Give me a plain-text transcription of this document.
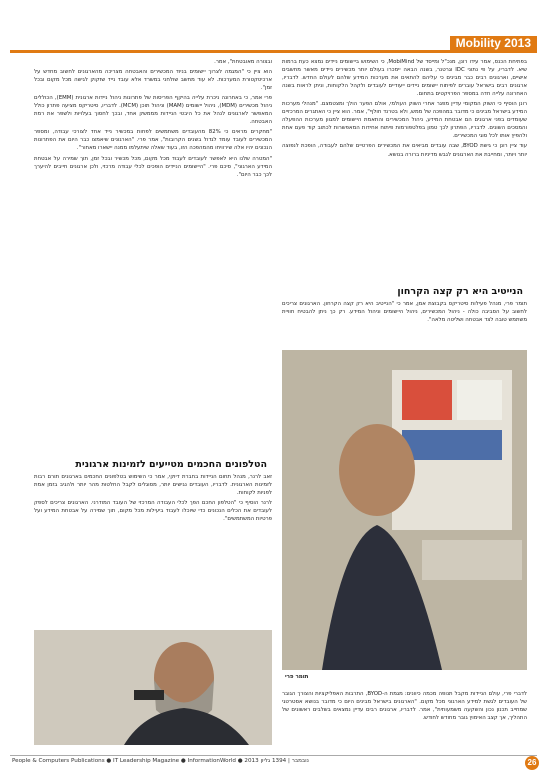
Mobility 2013

בפתיחת הכנס, אמר עידו רונן, מנכ"ל ומייסד של MobiMind, כי השימוש ביישומים ניידים נמצא כעת ברמות שיא. לדבריו, על פי נתוני IDC וגרטנר, בשנה הבאה יימכרו בעולם יותר מכשירים ניידים מאשר מחשבים אישיים, וארגונים רבים כבר מבינים כי עליהם להתאים את מערכות המידע שלהם לעולם החדש. לדבריו, ארגונים רבים בישראל עוברים לפיתוח יישומים ניידים ייעודיים לעובדים ולקהל הלקוחות, וניתן לראות בשנה האחרונה עלייה חדה במספר הפרויקטים בתחום.

רונן הוסיף כי השוק המקומי עדיין מפגר אחרי השוק העולמי, אולם הפער הולך ומצטמצם. "מנהלי מערכות המידע בישראל מבינים כי מדובר במהפכה של ממש, ולא בטרנד חולף", אמר. הוא ציין כי האתגרים המרכזיים שעומדים בפני ארגונים הם אבטחת המידע, ניהול המכשירים והתאמת היישומים למגוון מערכות ההפעלה והמסכים השונים. לדבריו, הפתרון לכך טמון בפלטפורמות פיתוח אחידות המאפשרות לכתוב קוד פעם אחת ולהפיץ אותו לכל סוגי המכשירים.

עוד ציין רונן כי גישת BYOD, שבה עובדים מביאים את המכשירים הפרטיים שלהם לעבודה, הופכת לנפוצה יותר ויותר, ומחייבת את הארגונים לגבש מדיניות ברורה בנושא.

הנייטיב היא רק קצה הקרחון

תומר פרי, מנהל פעילות סיטריקס בקבוצת אמן, אמר כי "הנייטיב היא רק קצה הקרחון. הארגונים צריכים לחשוב על הסביבה כולה - ניהול המכשירים, ניהול היישומים וניהול המידע. רק כך ניתן להבטיח חוויית משתמש טובה לצד אבטחה ושליטה מלאה".

תומר פרי

לדברי פרי, עולם הניידות מקבל תנופה מכמה כיוונים: מגמת ה-BYOD, התרבות האפליקציות והצורך הגובר של העובדים לגשת למידע הארגוני מכל מקום. "הארגונים בישראל מבינים היום כי מדובר בנושא אסטרטגי שמחייב תכנון נכון והשקעה משמעותית", אמר. לדבריו, ארגונים רבים עדיין נמצאים בשלבים ראשונים של התהליך, אך קצב האימוץ גובר מחודש לחודש.

ובצורה מאובטחת", אמר.

הוא ציין כי "המגמה לצרוך יישומים בניוד המכשירים והאבטחה מצריכה מהארגונים לחשוב מחדש על ארכיטקטורת המערכות. לא עוד מחשב שולחני במשרד אלא עובד נייד שזקוק לגישה מכל מקום ובכל זמן".

פרי אמר, כי באחרונה ניכרת עלייה בהיקף הפריסות של פתרונות ניהול ניידות ארגונית (EMM), הכוללים ניהול מכשירים (MDM), ניהול יישומים (MAM) וניהול תוכן (MCM). לדבריו, סיטריקס מציעה פתרון כולל המאפשר לארגונים לנהל את כל היבטי הניידות מממשק אחד, ובכך לחסוך בעלויות ולשפר את רמת האבטחה.

"מחקרים מראים כי 82% מהעובדים משתמשים לפחות במכשיר נייד אחד לצורכי עבודה, ומספר המכשירים לעובד עומד לגדול בשנים הקרובות", אמר פרי. "הארגונים שיאמצו כבר היום את הפתרונות הנכונים יהיו אלה שירוויחו מהמהפכה הזו, בעוד שאלה שיתעלמו ממנה יישארו מאחור".

"המטרה שלנו היא לאפשר לעובדים לעבוד מכל מקום, מכל מכשיר ובכל זמן, תוך שמירה על אבטחת המידע הארגוני", סיכם פרי. "היישומים הניידים הופכים לכלי עבודה מרכזי, ולכן ארגונים חייבים להיערך לכך כבר היום".

הטלפונים החכמים מטייעים לזמינות ארגונית

זאב לרנר, מנהל תחום הניידות בחברת דיוקי, אמר כי השימוש בטלפונים החכמים בארגונים תורם רבות לזמינות הארגונית. לדבריו, העובדים נגישים יותר, מסוגלים לקבל החלטות מהר יותר ולהגיב בזמן אמת לפניות לקוחות.

לרנר הוסיף כי "הטלפון החכם הפך לכלי העבודה המרכזי של העובד המודרני. הארגונים צריכים לספק לעובדים את הכלים הנכונים כדי שיוכלו לעבוד ביעילות מכל מקום, תוך שמירה על אבטחת המידע ועל פרטיות המשתמשים".

זאב לרנר
People & Computers Publications ● IT Leadership Magazine ● InformationWorld ● 2013 נובמבר | 1394 גליון	26
